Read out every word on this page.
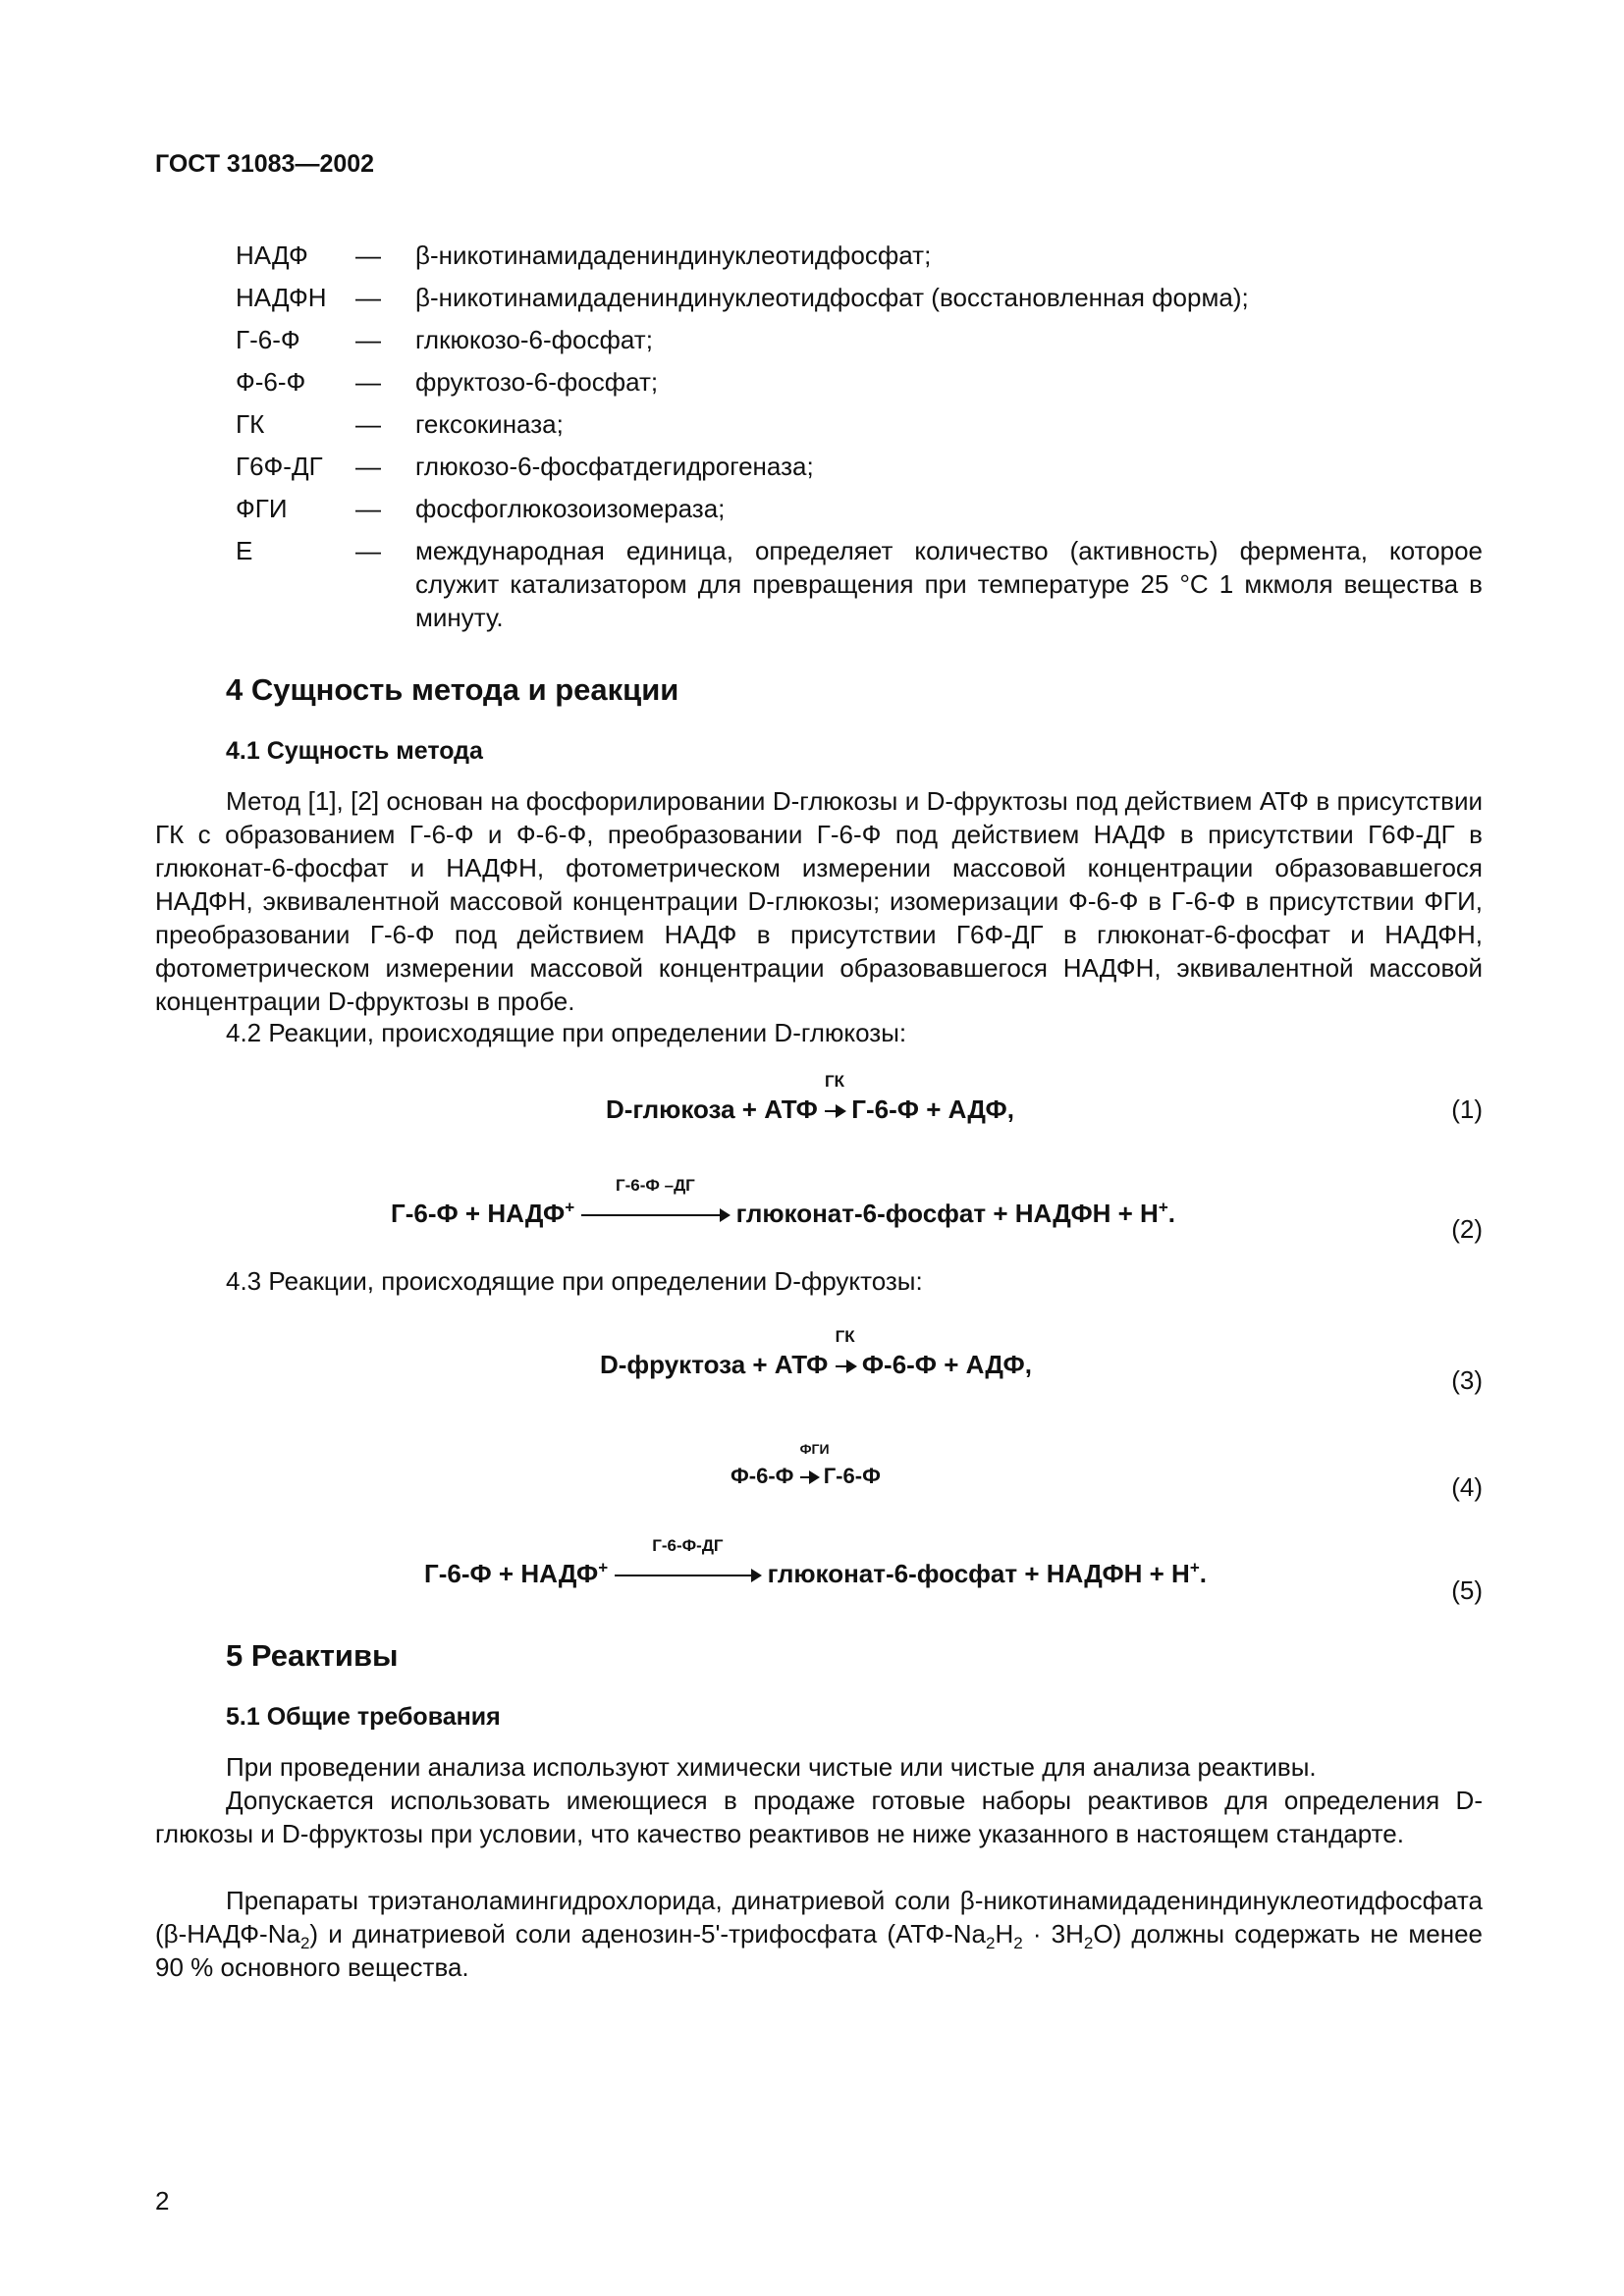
ГОСТ 31083—2002
НАДФ — β-никотинамидадениндинуклеотидфосфат;
НАДФН — β-никотинамидадениндинуклеотидфосфат (восстановленная форма);
Г-6-Ф — глкюкозо-6-фосфат;
Ф-6-Ф — фруктозо-6-фосфат;
ГК	— гексокиназа;
Г6Ф-ДГ — глюкозо-6-фосфатдегидрогеназа;
ФГИ	— фосфоглюкозоизомераза;
Е	— международная единица, определяет количество (активность) фермента, которое служит катализатором для превращения при температуре 25 °С 1 мкмоля вещества в минуту.
4 Сущность метода и реакции
4.1 Сущность метода
Метод [1], [2] основан на фосфорилировании D-глюкозы и D-фруктозы под действием АТФ в присутствии ГК с образованием Г-6-Ф и Ф-6-Ф, преобразовании Г-6-Ф под действием НАДФ в присутствии Г6Ф-ДГ в глюконат-6-фосфат и НАДФН, фотометрическом измерении массовой концентрации образовавшегося НАДФН, эквивалентной массовой концентрации D-глюкозы; изомеризации Ф-6-Ф в Г-6-Ф в присутствии ФГИ, преобразовании Г-6-Ф под действием НАДФ в присутствии Г6Ф-ДГ в глюконат-6-фосфат и НАДФН, фотометрическом измерении массовой концентрации образовавшегося НАДФН, эквивалентной массовой концентрации D-фруктозы в пробе.
4.2 Реакции, происходящие при определении D-глюкозы:
D-глюкоза + АТФ
ГК
Г-6-Ф + АДФ,	(1)
Г-6-Ф + НАДФ+
Г-6-Ф –ДГ
глюконат-6-фосфат + НАДФН + Н+.
(2)
4.3 Реакции, происходящие при определении D-фруктозы:
D-фруктоза + АТФ
ГК
Ф-6-Ф + АДФ,
(3)
Ф-6-Ф
ФГИ
Г-6-Ф	(4)
Г-6-Ф + НАДФ+
Г-6-Ф-ДГ
глюконат-6-фосфат + НАДФН + Н+.
(5)
5 Реактивы
5.1 Общие требования
При проведении анализа используют химически чистые или чистые для анализа реактивы.
Допускается использовать имеющиеся в продаже готовые наборы реактивов для определения D-глюкозы и D-фруктозы при условии, что качество реактивов не ниже указанного в настоящем стандарте.
Препараты триэтаноламингидрохлорида, динатриевой соли β-никотинамидадениндинуклеотидфосфата $(\beta-НАДФ-Na_2)$ и динатриевой соли аденозин-5'-трифосфата $(АТФ-Na_2H_2 \cdot 3H_2O)$ должны содержать не менее 90 % основного вещества.
2
